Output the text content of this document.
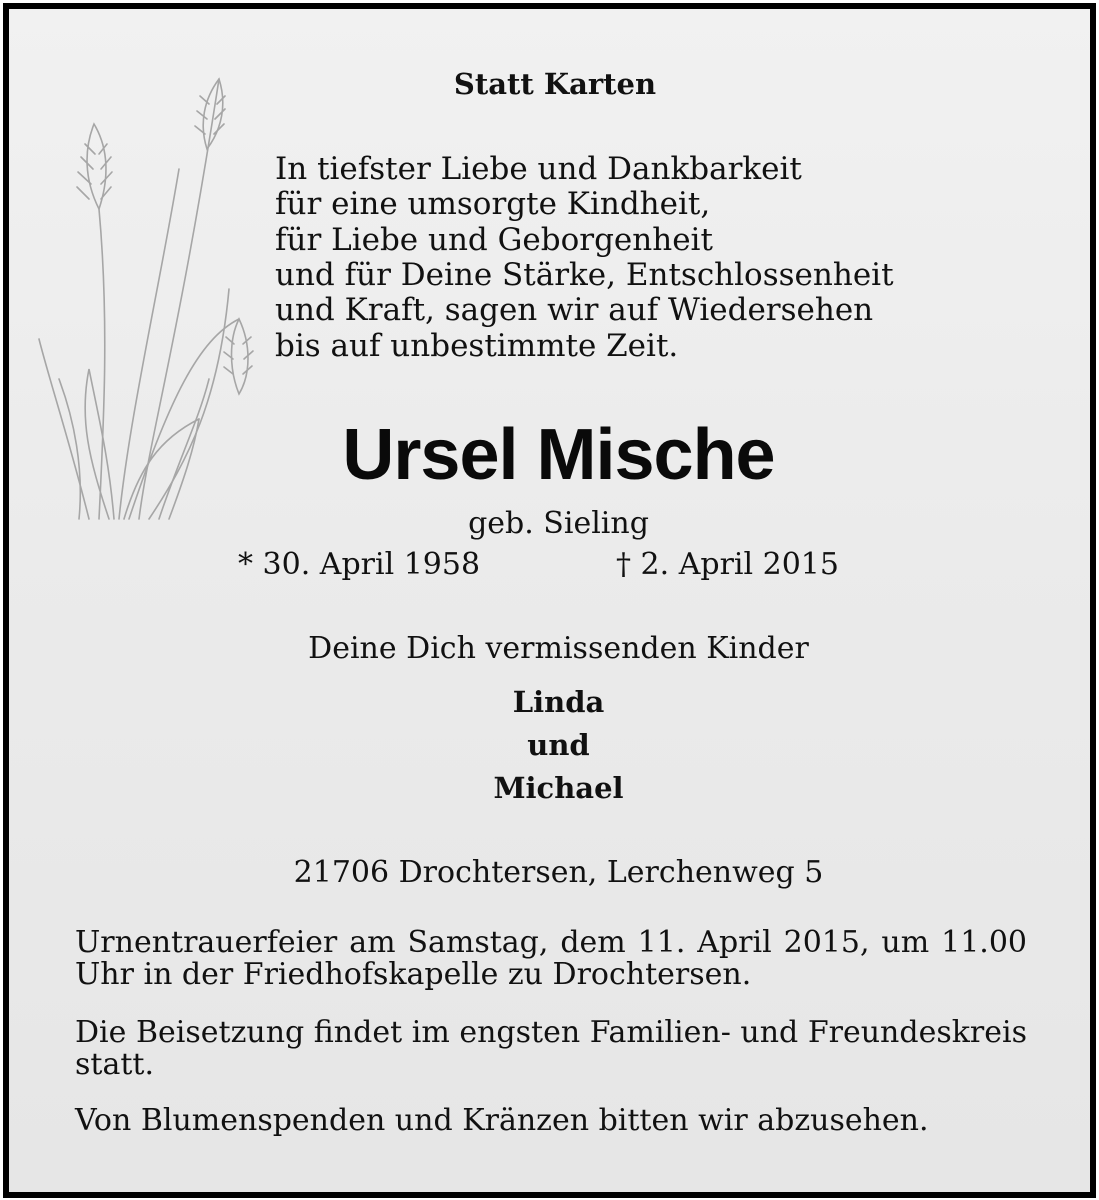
Statt Karten
In tiefster Liebe und Dankbarkeit
für eine umsorgte Kindheit,
für Liebe und Geborgenheit
und für Deine Stärke, Entschlossenheit
und Kraft, sagen wir auf Wiedersehen
bis auf unbestimmte Zeit.
Ursel Mische
geb. Sieling
* 30. April 1958	† 2. April 2015
Deine Dich vermissenden Kinder
Linda
und
Michael
21706 Drochtersen, Lerchenweg 5
Urnentrauerfeier am Samstag, dem 11. April 2015, um 11.00 Uhr in der Friedhofskapelle zu Drochtersen.
Die Beisetzung findet im engsten Familien- und Freundeskreis statt.
Von Blumenspenden und Kränzen bitten wir abzusehen.
